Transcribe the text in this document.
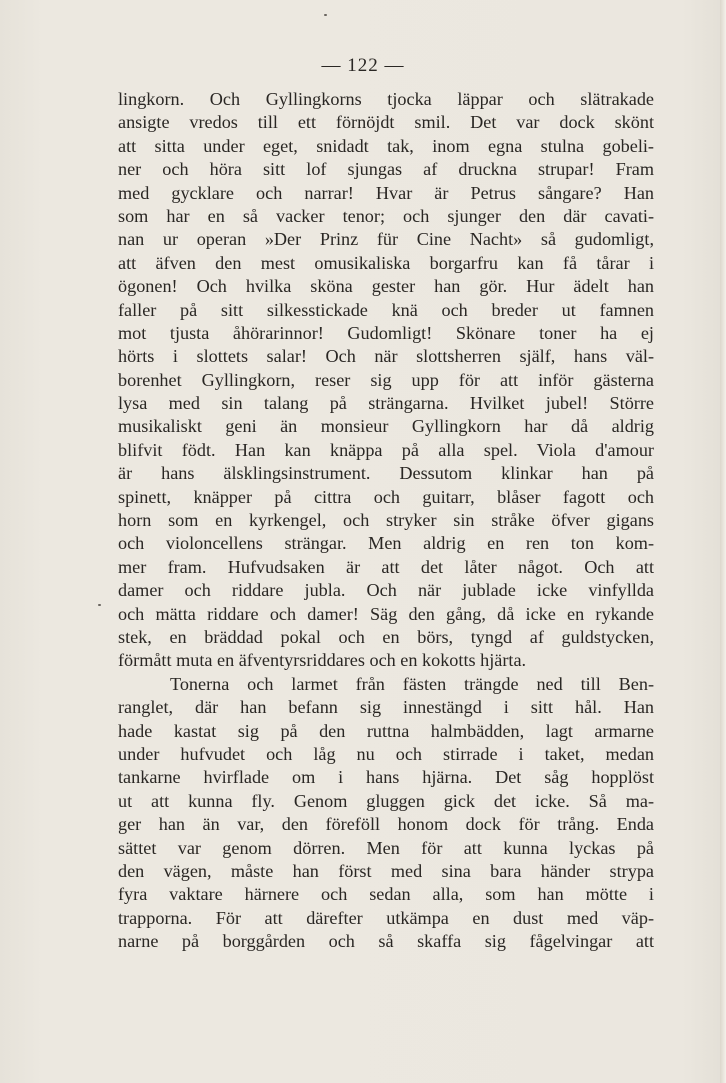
— 122 —
lingkorn. Och Gyllingkorns tjocka läppar och slätrakade
ansigte vredos till ett förnöjdt smil. Det var dock skönt
att sitta under eget, snidadt tak, inom egna stulna gobeli-
ner och höra sitt lof sjungas af druckna strupar! Fram
med gycklare och narrar! Hvar är Petrus sångare? Han
som har en så vacker tenor; och sjunger den där cavati-
nan ur operan »Der Prinz für Cine Nacht» så gudomligt,
att äfven den mest omusikaliska borgarfru kan få tårar i
ögonen! Och hvilka sköna gester han gör. Hur ädelt han
faller på sitt silkesstickade knä och breder ut famnen
mot tjusta åhörarinnor! Gudomligt! Skönare toner ha ej
hörts i slottets salar! Och när slottsherren själf, hans väl-
borenhet Gyllingkorn, reser sig upp för att inför gästerna
lysa med sin talang på strängarna. Hvilket jubel! Större
musikaliskt geni än monsieur Gyllingkorn har då aldrig
blifvit födt. Han kan knäppa på alla spel. Viola d'amour
är hans älsklingsinstrument. Dessutom klinkar han på
spinett, knäpper på cittra och guitarr, blåser fagott och
horn som en kyrkengel, och stryker sin stråke öfver gigans
och violoncellens strängar. Men aldrig en ren ton kom-
mer fram. Hufvudsaken är att det låter något. Och att
damer och riddare jubla. Och när jublade icke vinfyllda
och mätta riddare och damer! Säg den gång, då icke en rykande
stek, en bräddad pokal och en börs, tyngd af guldstycken,
förmått muta en äfventyrsriddares och en kokotts hjärta.
Tonerna och larmet från fästen trängde ned till Ben-
ranglet, där han befann sig innestängd i sitt hål. Han
hade kastat sig på den ruttna halmbädden, lagt armarne
under hufvudet och låg nu och stirrade i taket, medan
tankarne hvirflade om i hans hjärna. Det såg hopplöst
ut att kunna fly. Genom gluggen gick det icke. Så ma-
ger han än var, den föreföll honom dock för trång. Enda
sättet var genom dörren. Men för att kunna lyckas på
den vägen, måste han först med sina bara händer strypa
fyra vaktare härnere och sedan alla, som han mötte i
trapporna. För att därefter utkämpa en dust med väp-
narne på borggården och så skaffa sig fågelvingar att
